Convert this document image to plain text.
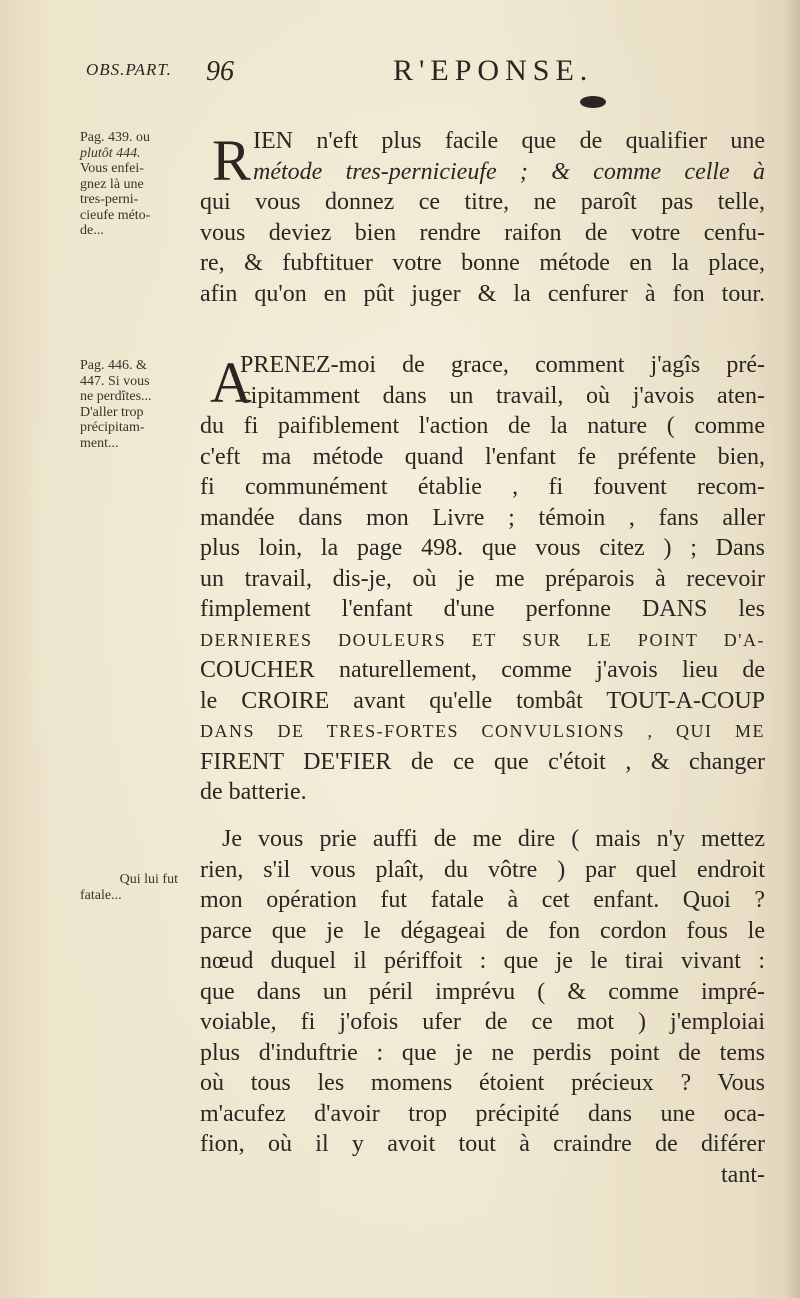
OBS.PART. 96	R'EPONSE.
Pag. 439. ou
plutôt 444.
Vous enfei-
gnez là une
tres-perni-
cieufe méto-
de...
Pag. 446. &
447. Si vous
ne perdîtes...
D'aller trop
précipitam-
ment...
Qui lui fut
fatale...
R IEN n'eft plus facile que de qualifier une
métode tres-pernicieufe ; & comme celle à
qui vous donnez ce titre, ne paroît pas telle,
vous deviez bien rendre raifon de votre cenfu-
re, & fubftituer votre bonne métode en la place,
afin qu'on en pût juger & la cenfurer à fon tour.
A
PRENEZ-moi de grace, comment j'agîs pré-
cipitamment dans un travail, où j'avois aten-
du fi paifiblement l'action de la nature ( comme
c'eft ma métode quand l'enfant fe préfente bien,
fi communément établie , fi fouvent recom-
mandée dans mon Livre ; témoin , fans aller
plus loin, la page 498. que vous citez ) ; Dans
un travail, dis-je, où je me préparois à recevoir
fimplement l'enfant d'une perfonne DANS les
DERNIERES DOULEURS ET SUR LE POINT D'A-
COUCHER naturellement, comme j'avois lieu de
le CROIRE avant qu'elle tombât TOUT-A-COUP
DANS DE TRES-FORTES CONVULSIONS , QUI ME
FIRENT DE'FIER de ce que c'étoit , & changer
de batterie.
Je vous prie auffi de me dire ( mais n'y mettez
rien, s'il vous plaît, du vôtre ) par quel endroit
mon opération fut fatale à cet enfant. Quoi ?
parce que je le dégageai de fon cordon fous le
nœud duquel il périffoit : que je le tirai vivant :
que dans un péril imprévu ( & comme impré-
voiable, fi j'ofois ufer de ce mot ) j'emploiai
plus d'induftrie : que je ne perdis point de tems
où tous les momens étoient précieux ? Vous
m'acufez d'avoir trop précipité dans une oca-
fion, où il y avoit tout à craindre de diférer
tant-
